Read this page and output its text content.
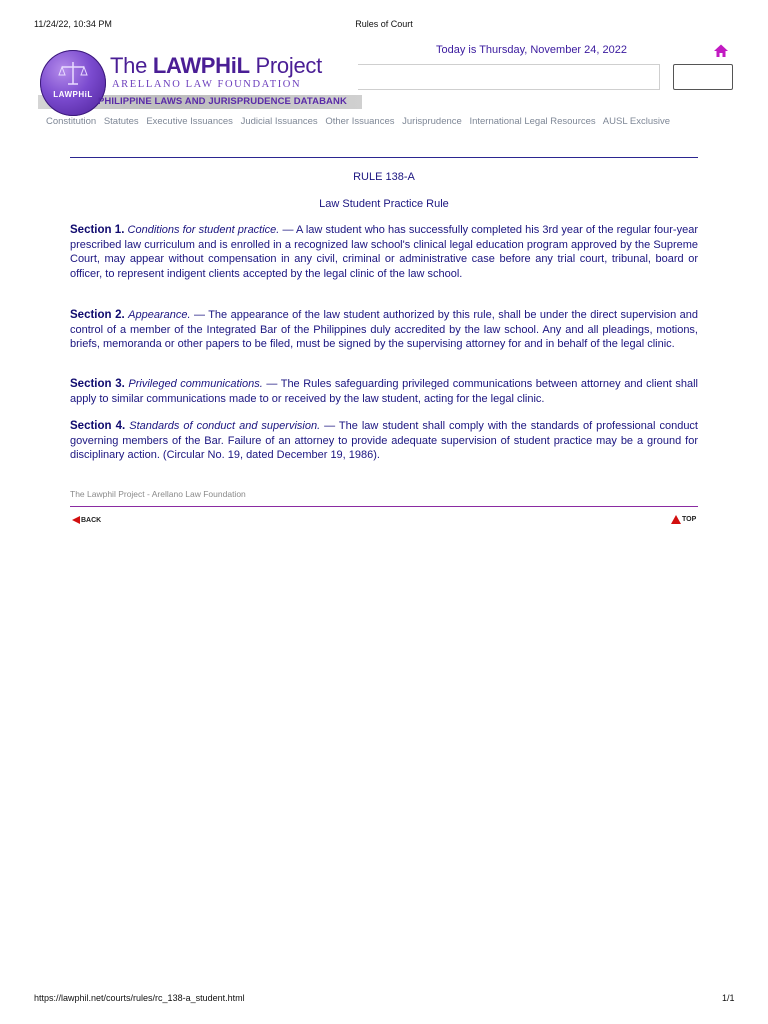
11/24/22, 10:34 PM	Rules of Court
LAWPHiL
The LAWPHiL Project
ARELLANO LAW FOUNDATION
PHILIPPINE LAWS AND JURISPRUDENCE DATABANK
Today is Thursday, November 24, 2022
Constitution Statutes Executive Issuances Judicial Issuances Other Issuances Jurisprudence International Legal Resources AUSL Exclusive
RULE 138-A
Law Student Practice Rule
Section 1. Conditions for student practice. — A law student who has successfully completed his 3rd year of the regular four-year prescribed law curriculum and is enrolled in a recognized law school's clinical legal education program approved by the Supreme Court, may appear without compensation in any civil, criminal or administrative case before any trial court, tribunal, board or officer, to represent indigent clients accepted by the legal clinic of the law school.
Section 2. Appearance. — The appearance of the law student authorized by this rule, shall be under the direct supervision and control of a member of the Integrated Bar of the Philippines duly accredited by the law school. Any and all pleadings, motions, briefs, memoranda or other papers to be filed, must be signed by the supervising attorney for and in behalf of the legal clinic.
Section 3. Privileged communications. — The Rules safeguarding privileged communications between attorney and client shall apply to similar communications made to or received by the law student, acting for the legal clinic.
Section 4. Standards of conduct and supervision. — The law student shall comply with the standards of professional conduct governing members of the Bar. Failure of an attorney to provide adequate supervision of student practice may be a ground for disciplinary action. (Circular No. 19, dated December 19, 1986).
The Lawphil Project - Arellano Law Foundation
BACK	TOP
https://lawphil.net/courts/rules/rc_138-a_student.html	1/1
